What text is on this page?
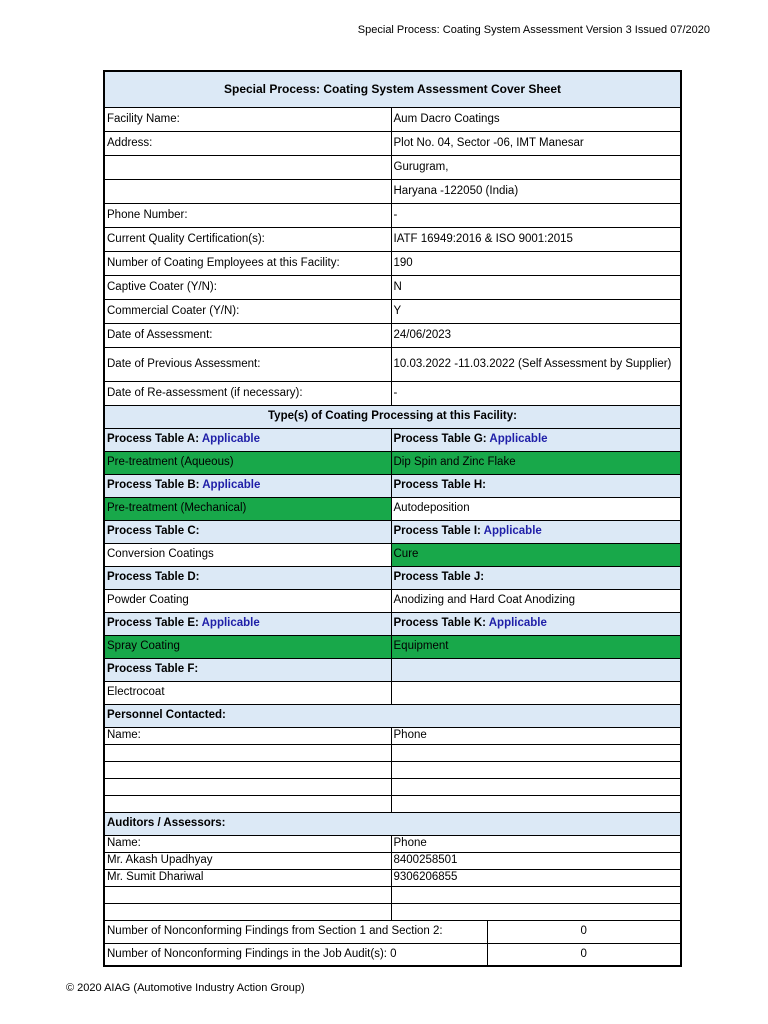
Special Process: Coating System Assessment Version 3 Issued 07/2020
Special Process: Coating System Assessment Cover Sheet		
Facility Name:	Aum Dacro Coatings	
Address:	Plot No. 04, Sector -06, IMT Manesar	
	Gurugram,	
	Haryana -122050 (India)	
Phone Number:	-	
Current Quality Certification(s):	IATF 16949:2016 & ISO 9001:2015	
Number of Coating Employees at this Facility:	190	
Captive Coater (Y/N):	N	
Commercial Coater (Y/N):	Y	
Date of Assessment:	24/06/2023	
Date of Previous Assessment:	10.03.2022 -11.03.2022 (Self Assessment by Supplier)	
Date of Re-assessment (if necessary):	-	
Type(s) of Coating Processing at this Facility:		
Process Table A: Applicable	Process Table G: Applicable	
Pre-treatment (Aqueous)	Dip Spin and Zinc Flake	
Process Table B: Applicable	Process Table H:	
Pre-treatment (Mechanical)	Autodeposition	
Process Table C:	Process Table I: Applicable	
Conversion Coatings	Cure	
Process Table D:	Process Table J:	
Powder Coating	Anodizing and Hard Coat Anodizing	
Process Table E: Applicable	Process Table K: Applicable	
Spray Coating	Equipment	
Process Table F:		
Electrocoat		
Personnel Contacted:		
Name:	Phone	

Auditors / Assessors:		
Name:	Phone	
Mr. Akash Upadhyay	8400258501	
Mr. Sumit Dhariwal	9306206855	

Number of Nonconforming Findings from Section 1 and Section 2:		0
Number of Nonconforming Findings in the Job Audit(s): 0		0
© 2020 AIAG (Automotive Industry Action Group)
